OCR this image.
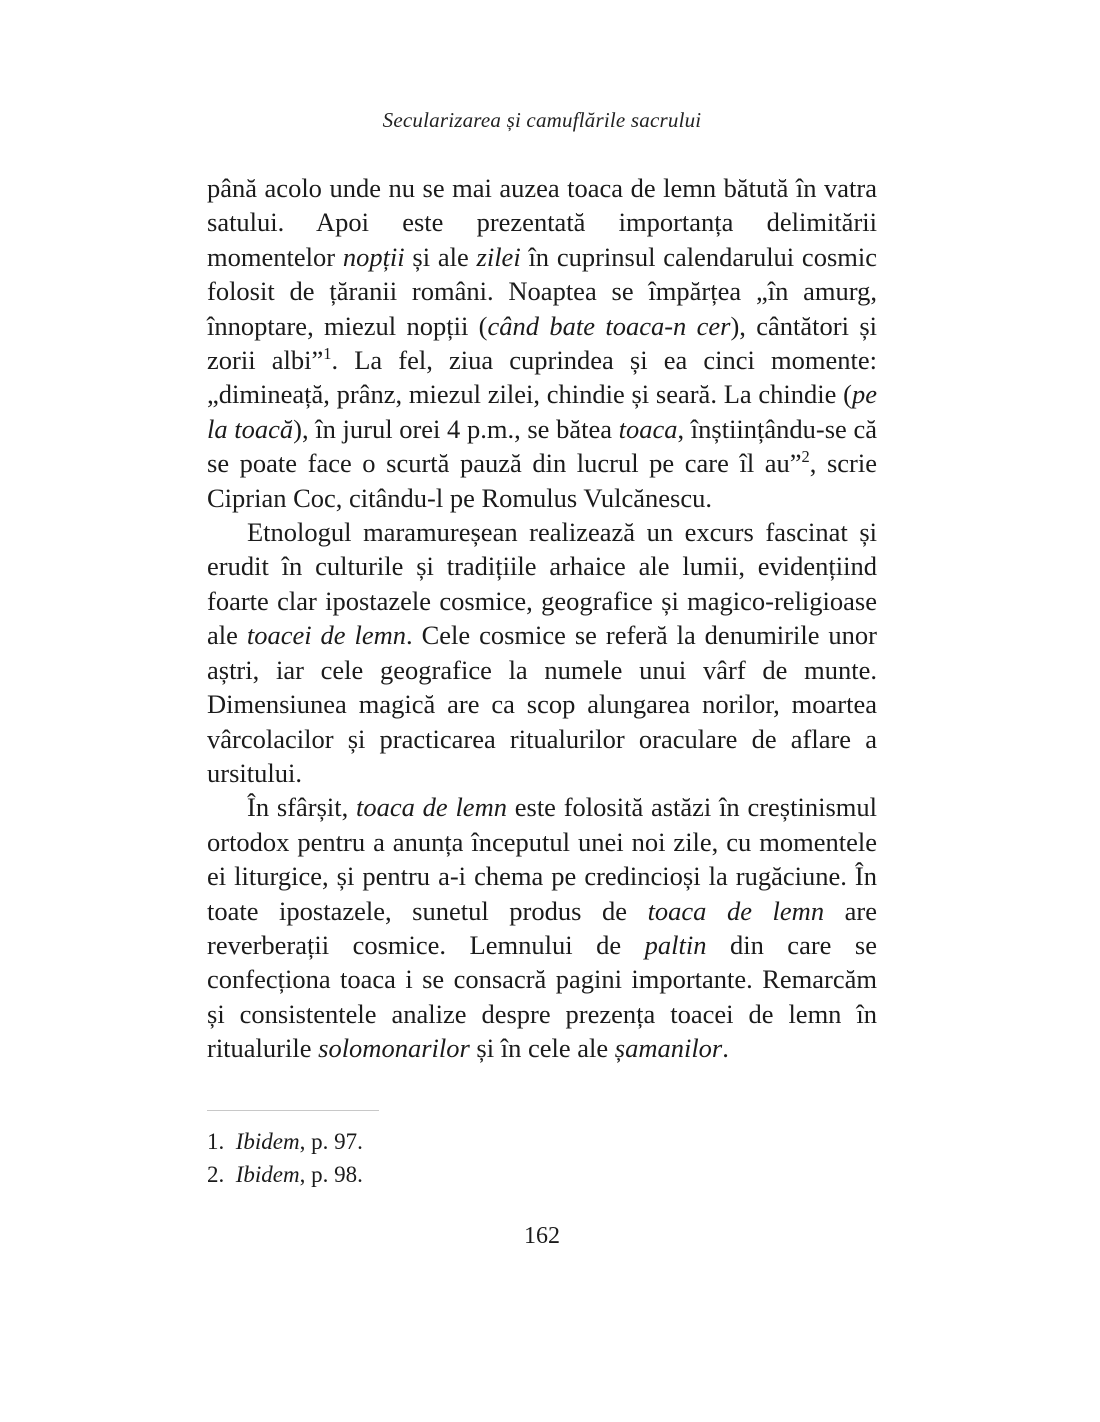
Secularizarea și camuflările sacrului

până acolo unde nu se mai auzea toaca de lemn bătută în vatra satului. Apoi este prezentată importanța delimitării momentelor nopții și ale zilei în cuprinsul calendarului cosmic folosit de țăranii români. Noaptea se împărțea „în amurg, înnoptare, miezul nopții (când bate toaca-n cer), cântători și zorii albi”$^1$. La fel, ziua cuprindea și ea cinci momente: „dimineață, prânz, miezul zilei, chindie și seară. La chindie (pe la toacă), în jurul orei 4 p.m., se bătea toaca, înștiințându-se că se poate face o scurtă pauză din lucrul pe care îl au”$^2$, scrie Ciprian Coc, citându-l pe Romulus Vulcănescu.

Etnologul maramureșean realizează un excurs fascinat și erudit în culturile și tradițiile arhaice ale lumii, evidențiind foarte clar ipostazele cosmice, geografice și magico-religioase ale toacei de lemn. Cele cosmice se referă la denumirile unor aștri, iar cele geografice la numele unui vârf de munte. Dimensiunea magică are ca scop alungarea norilor, moartea vârcolacilor și practicarea ritualurilor oraculare de aflare a ursitului.

În sfârșit, toaca de lemn este folosită astăzi în creștinismul ortodox pentru a anunța începutul unei noi zile, cu momentele ei liturgice, și pentru a-i chema pe credincioși la rugăciune. În toate ipostazele, sunetul produs de toaca de lemn are reverberații cosmice. Lemnului de paltin din care se confecționa toaca i se consacră pagini importante. Remarcăm și consistentele analize despre prezența toacei de lemn în ritualurile solomonarilor și în cele ale șamanilor.

1. Ibidem, p. 97.
2. Ibidem, p. 98.
162
